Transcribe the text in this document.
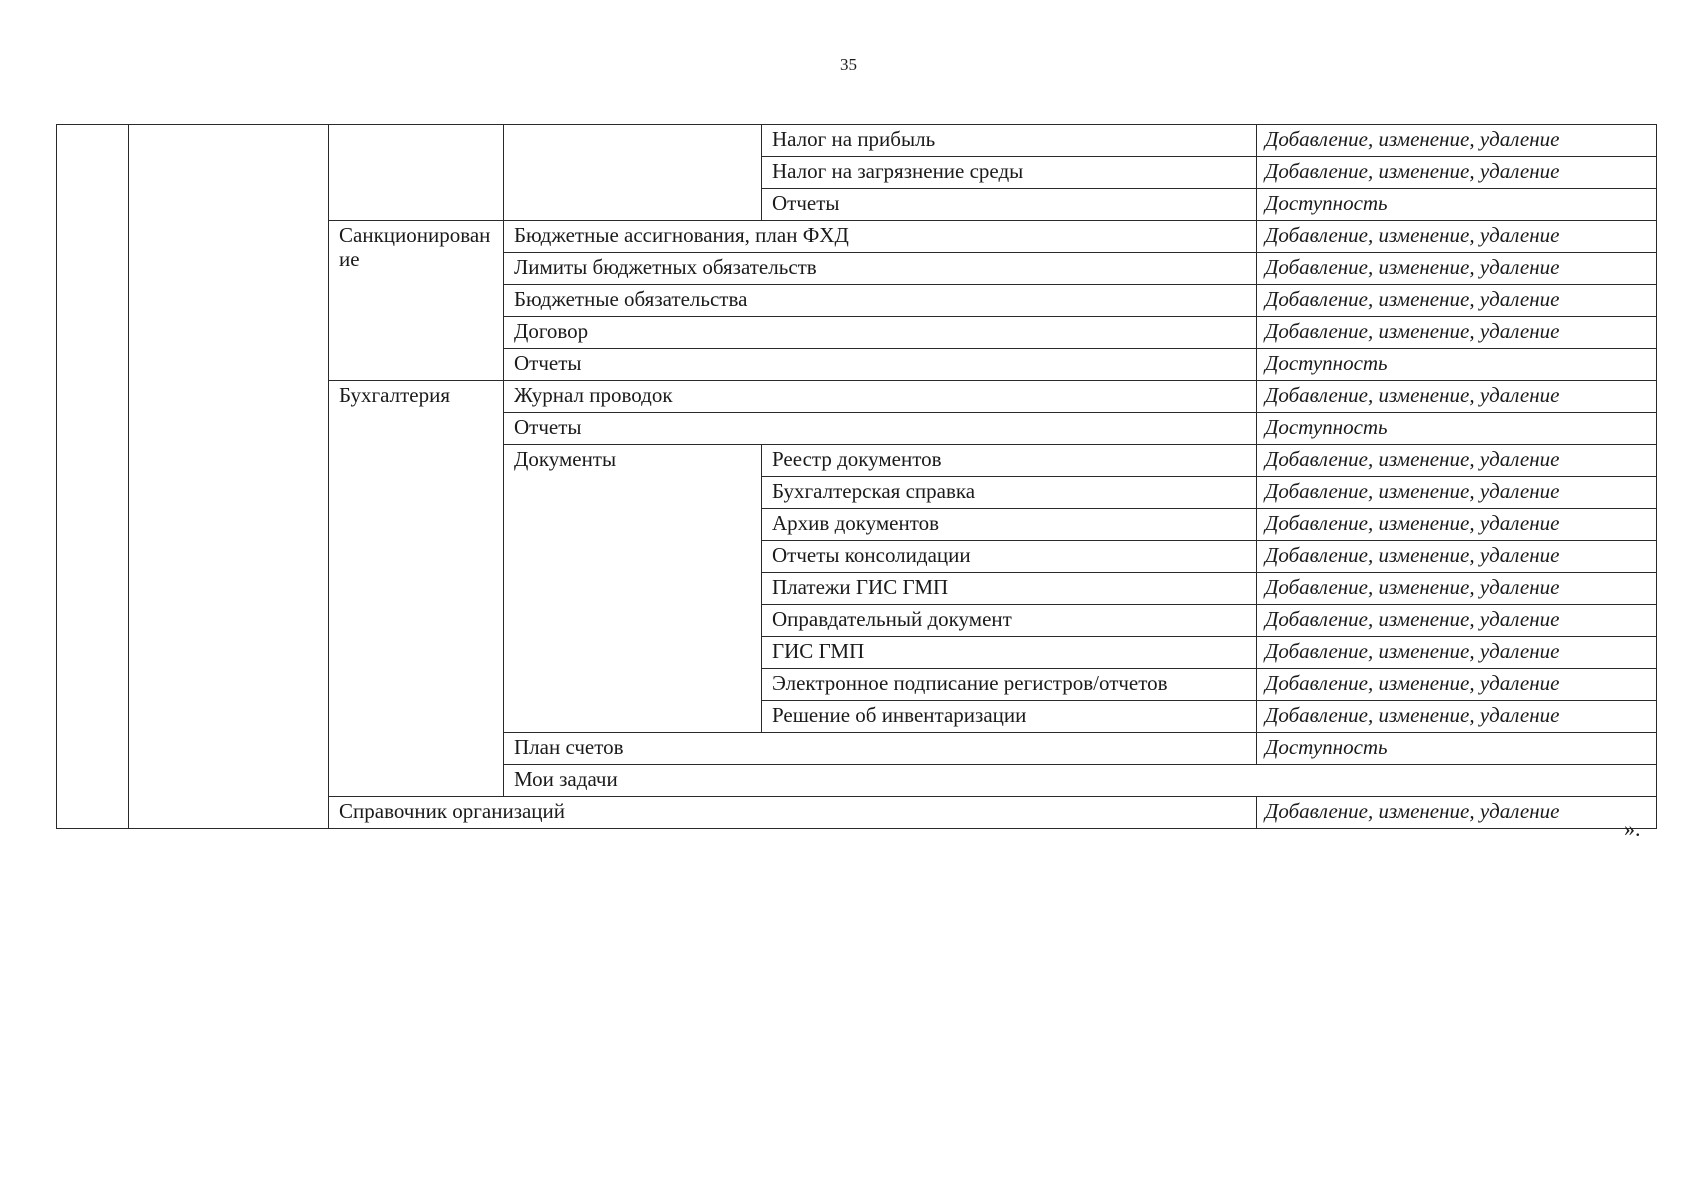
35
				Налог на прибыль	Добавление, изменение, удаление	
				Налог на загрязнение среды	Добавление, изменение, удаление	
				Отчеты	Доступность	
		Санкционирование	Бюджетные ассигнования, план ФХД		Добавление, изменение, удаление	
			Лимиты бюджетных обязательств		Добавление, изменение, удаление	
			Бюджетные обязательства		Добавление, изменение, удаление	
			Договор		Добавление, изменение, удаление	
			Отчеты		Доступность	
		Бухгалтерия	Журнал проводок		Добавление, изменение, удаление	
			Отчеты		Доступность	
			Документы	Реестр документов	Добавление, изменение, удаление	
				Бухгалтерская справка	Добавление, изменение, удаление	
				Архив документов	Добавление, изменение, удаление	
				Отчеты консолидации	Добавление, изменение, удаление	
				Платежи ГИС ГМП	Добавление, изменение, удаление	
				Оправдательный документ	Добавление, изменение, удаление	
				ГИС ГМП	Добавление, изменение, удаление	
				Электронное подписание регистров/отчетов	Добавление, изменение, удаление	
				Решение об инвентаризации	Добавление, изменение, удаление	
			План счетов		Доступность	
			Мои задачи	
		Справочник организаций			Добавление, изменение, удаление	
».
